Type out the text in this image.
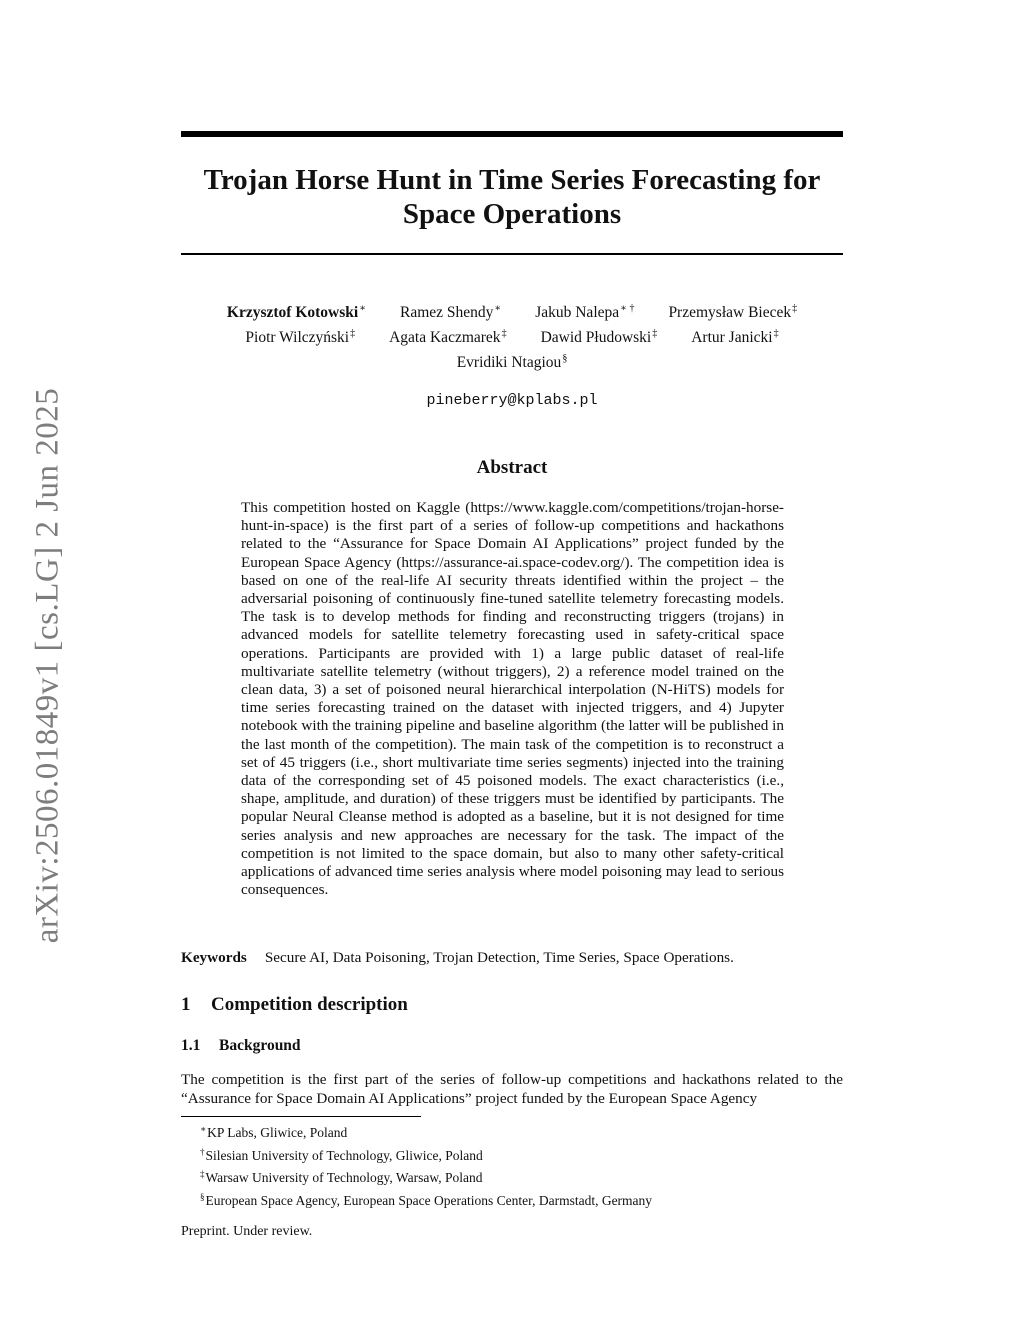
arXiv:2506.01849v1 [cs.LG] 2 Jun 2025
Trojan Horse Hunt in Time Series Forecasting for
Space Operations
Krzysztof Kotowski∗ Ramez Shendy∗ Jakub Nalepa∗ † Przemysław Biecek‡
Piotr Wilczyński‡ Agata Kaczmarek‡ Dawid Płudowski‡ Artur Janicki‡
Evridiki Ntagiou§
pineberry@kplabs.pl
Abstract
This competition hosted on Kaggle (https://www.kaggle.com/competitions/trojan-horse-hunt-in-space) is the first part of a series of follow-up competitions and hackathons related to the “Assurance for Space Domain AI Applications” project funded by the European Space Agency (https://assurance-ai.space-codev.org/). The competition idea is based on one of the real-life AI security threats identified within the project – the adversarial poisoning of continuously fine-tuned satellite telemetry forecasting models. The task is to develop methods for finding and reconstructing triggers (trojans) in advanced models for satellite telemetry forecasting used in safety-critical space operations. Participants are provided with 1) a large public dataset of real-life multivariate satellite telemetry (without triggers), 2) a reference model trained on the clean data, 3) a set of poisoned neural hierarchical interpolation (N-HiTS) models for time series forecasting trained on the dataset with injected triggers, and 4) Jupyter notebook with the training pipeline and baseline algorithm (the latter will be published in the last month of the competition). The main task of the competition is to reconstruct a set of 45 triggers (i.e., short multivariate time series segments) injected into the training data of the corresponding set of 45 poisoned models. The exact characteristics (i.e., shape, amplitude, and duration) of these triggers must be identified by participants. The popular Neural Cleanse method is adopted as a baseline, but it is not designed for time series analysis and new approaches are necessary for the task. The impact of the competition is not limited to the space domain, but also to many other safety-critical applications of advanced time series analysis where model poisoning may lead to serious consequences.
Keywords Secure AI, Data Poisoning, Trojan Detection, Time Series, Space Operations.
1 Competition description
1.1 Background
The competition is the first part of the series of follow-up competitions and hackathons related to the “Assurance for Space Domain AI Applications” project funded by the European Space Agency
∗KP Labs, Gliwice, Poland
†Silesian University of Technology, Gliwice, Poland
‡Warsaw University of Technology, Warsaw, Poland
§European Space Agency, European Space Operations Center, Darmstadt, Germany
Preprint. Under review.
